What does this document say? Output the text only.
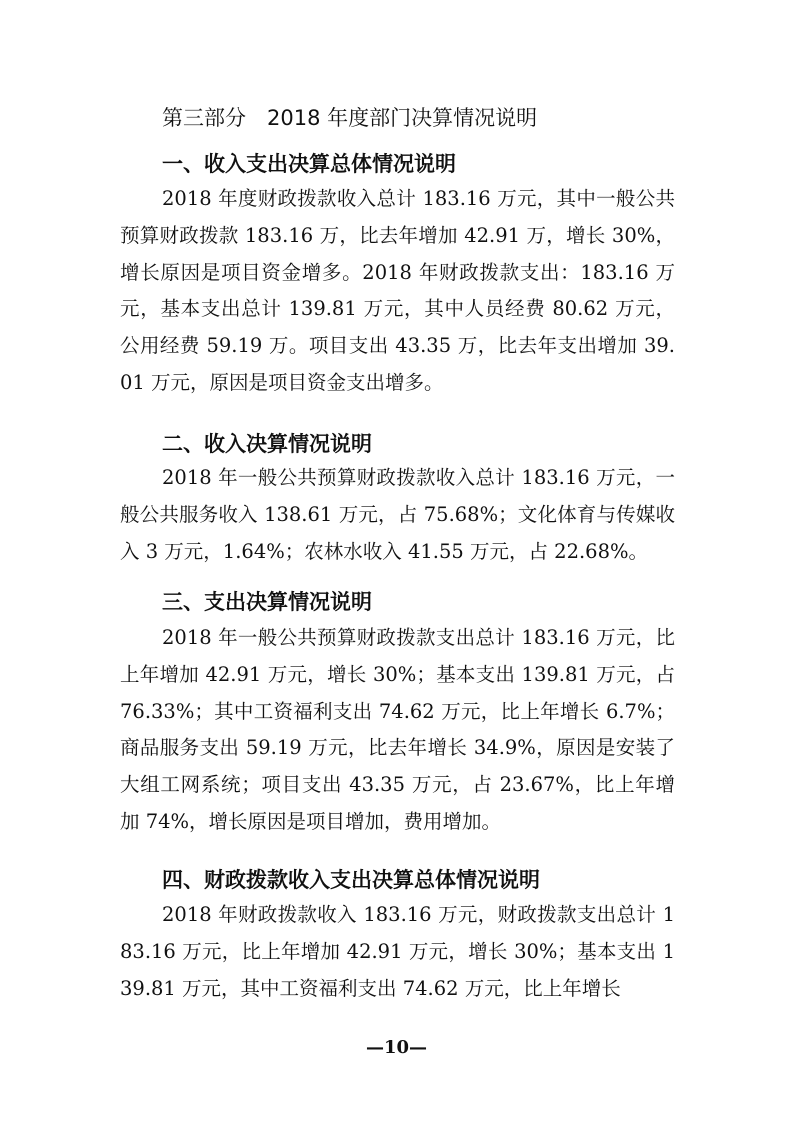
第三部分　2018 年度部门决算情况说明
一、收入支出决算总体情况说明

2018 年度财政拨款收入总计 183.16 万元，其中一般公共预算财政拨款 183.16 万，比去年增加 42.91 万，增长 30%，增长原因是项目资金增多。2018 年财政拨款支出：183.16 万元，基本支出总计 139.81 万元，其中人员经费 80.62 万元，公用经费 59.19 万。项目支出 43.35 万，比去年支出增加 39.01 万元，原因是项目资金支出增多。

二、收入决算情况说明

2018 年一般公共预算财政拨款收入总计 183.16 万元，一般公共服务收入 138.61 万元，占 75.68%；文化体育与传媒收入 3 万元，1.64%；农林水收入 41.55 万元，占 22.68%。

三、支出决算情况说明

2018 年一般公共预算财政拨款支出总计 183.16 万元，比上年增加 42.91 万元，增长 30%；基本支出 139.81 万元，占 76.33%；其中工资福利支出 74.62 万元，比上年增长 6.7%；商品服务支出 59.19 万元，比去年增长 34.9%，原因是安装了大组工网系统；项目支出 43.35 万元，占 23.67%，比上年增加 74%，增长原因是项目增加，费用增加。

四、财政拨款收入支出决算总体情况说明

2018 年财政拨款收入 183.16 万元，财政拨款支出总计 183.16 万元，比上年增加 42.91 万元，增长 30%；基本支出 139.81 万元，其中工资福利支出 74.62 万元，比上年增长

—10—
